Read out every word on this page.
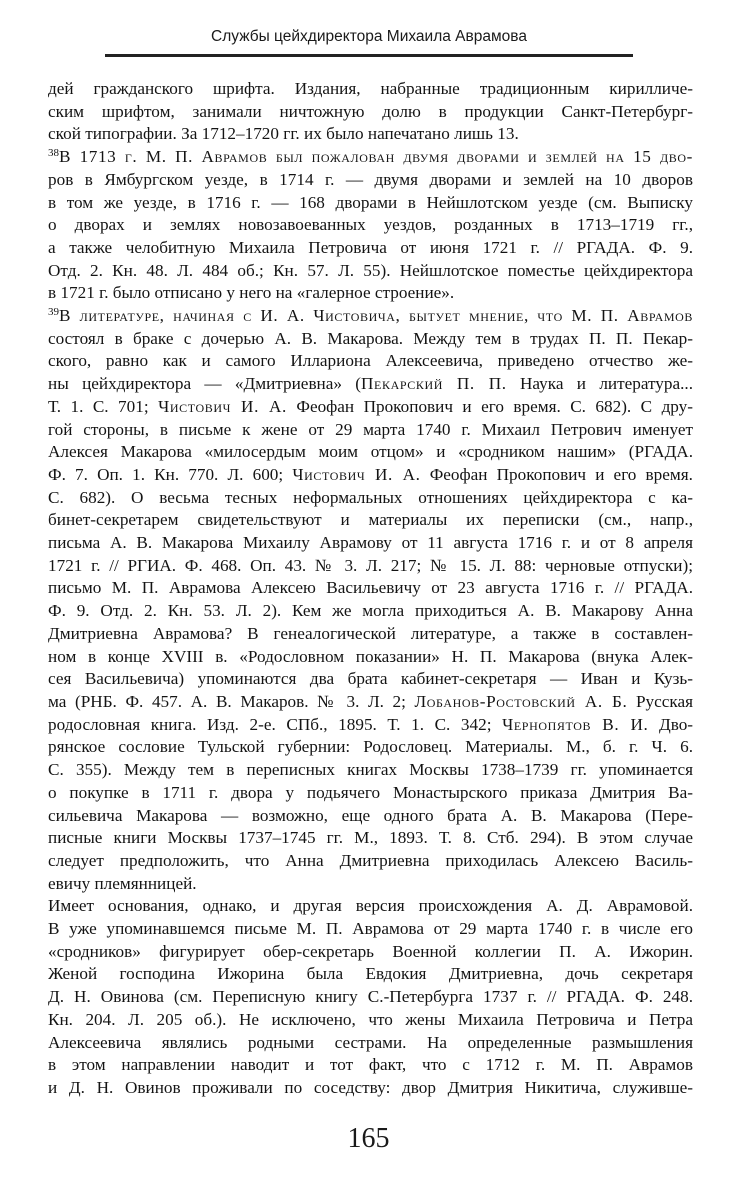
Службы цейхдиректора Михаила Аврамова
дей гражданского шрифта. Издания, набранные традиционным кирилличе-
ским шрифтом, занимали ничтожную долю в продукции Санкт-Петербург-
ской типографии. За 1712–1720 гг. их было напечатано лишь 13.
$^{38}$В 1713 г. М. П. Аврамов был пожалован двумя дворами и землей на 15 дво-
ров в Ямбургском уезде, в 1714 г. — двумя дворами и землей на 10 дворов
в том же уезде, в 1716 г. — 168 дворами в Нейшлотском уезде (см. Выписку
о дворах и землях новозавоеванных уездов, розданных в 1713–1719 гг.,
а также челобитную Михаила Петровича от июня 1721 г. // РГАДА. Ф. 9.
Отд. 2. Кн. 48. Л. 484 об.; Кн. 57. Л. 55). Нейшлотское поместье цейхдиректора
в 1721 г. было отписано у него на «галерное строение».
$^{39}$В литературе, начиная с И. А. Чистовича, бытует мнение, что М. П. Аврамов
состоял в браке с дочерью А. В. Макарова. Между тем в трудах П. П. Пекар-
ского, равно как и самого Иллариона Алексеевича, приведено отчество же-
ны цейхдиректора — «Дмитриевна» (Пекарский П. П. Наука и литература...
Т. 1. С. 701; Чистович И. А. Феофан Прокопович и его время. С. 682). С дру-
гой стороны, в письме к жене от 29 марта 1740 г. Михаил Петрович именует
Алексея Макарова «милосердым моим отцом» и «сродником нашим» (РГАДА.
Ф. 7. Оп. 1. Кн. 770. Л. 600; Чистович И. А. Феофан Прокопович и его время.
С. 682). О весьма тесных неформальных отношениях цейхдиректора с ка-
бинет-секретарем свидетельствуют и материалы их переписки (см., напр.,
письма А. В. Макарова Михаилу Аврамову от 11 августа 1716 г. и от 8 апреля
1721 г. // РГИА. Ф. 468. Оп. 43. № 3. Л. 217; № 15. Л. 88: черновые отпуски);
письмо М. П. Аврамова Алексею Васильевичу от 23 августа 1716 г. // РГАДА.
Ф. 9. Отд. 2. Кн. 53. Л. 2). Кем же могла приходиться А. В. Макарову Анна
Дмитриевна Аврамова? В генеалогической литературе, а также в составлен-
ном в конце XVIII в. «Родословном показании» Н. П. Макарова (внука Алек-
сея Васильевича) упоминаются два брата кабинет-секретаря — Иван и Кузь-
ма (РНБ. Ф. 457. А. В. Макаров. № 3. Л. 2; Лобанов-Ростовский А. Б. Русская
родословная книга. Изд. 2-е. СПб., 1895. Т. 1. С. 342; Чернопятов В. И. Дво-
рянское сословие Тульской губернии: Родословец. Материалы. М., б. г. Ч. 6.
С. 355). Между тем в переписных книгах Москвы 1738–1739 гг. упоминается
о покупке в 1711 г. двора у подьячего Монастырского приказа Дмитрия Ва-
сильевича Макарова — возможно, еще одного брата А. В. Макарова (Пере-
писные книги Москвы 1737–1745 гг. М., 1893. Т. 8. Стб. 294). В этом случае
следует предположить, что Анна Дмитриевна приходилась Алексею Василь-
евичу племянницей.
Имеет основания, однако, и другая версия происхождения А. Д. Аврамовой.
В уже упоминавшемся письме М. П. Аврамова от 29 марта 1740 г. в числе его
«сродников» фигурирует обер-секретарь Военной коллегии П. А. Ижорин.
Женой господина Ижорина была Евдокия Дмитриевна, дочь секретаря
Д. Н. Овинова (см. Переписную книгу С.-Петербурга 1737 г. // РГАДА. Ф. 248.
Кн. 204. Л. 205 об.). Не исключено, что жены Михаила Петровича и Петра
Алексеевича являлись родными сестрами. На определенные размышления
в этом направлении наводит и тот факт, что с 1712 г. М. П. Аврамов
и Д. Н. Овинов проживали по соседству: двор Дмитрия Никитича, служивше-
165
